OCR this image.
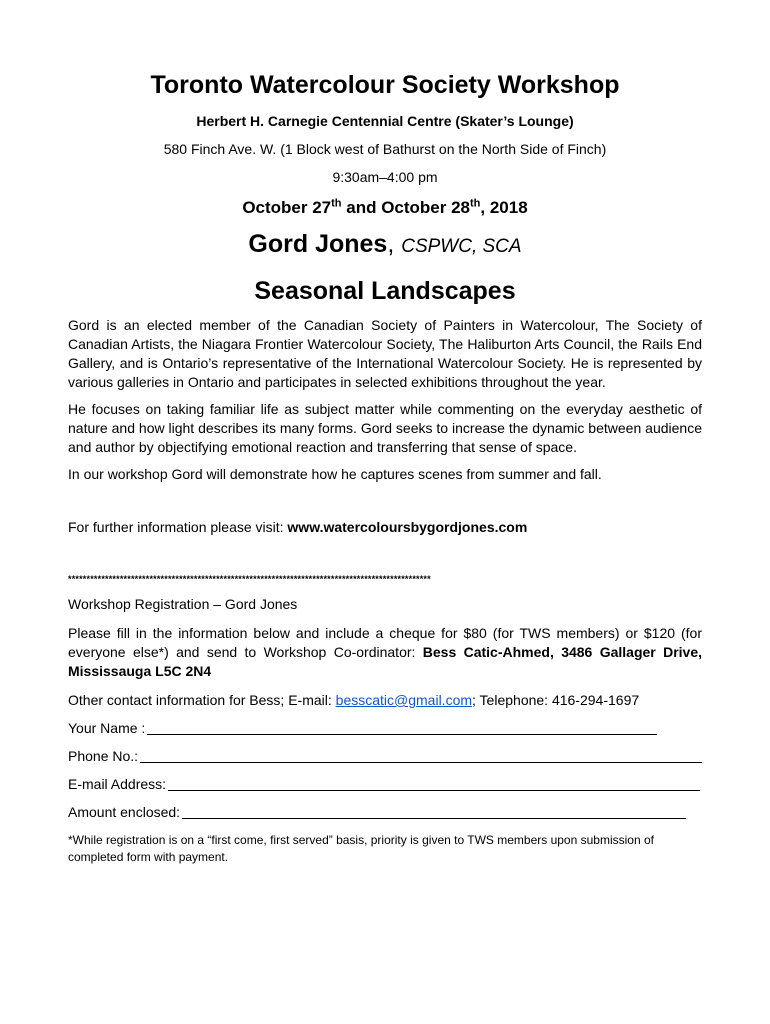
Toronto Watercolour Society Workshop
Herbert H. Carnegie Centennial Centre (Skater’s Lounge)
580 Finch Ave. W. (1 Block west of Bathurst on the North Side of Finch)
9:30am–4:00 pm
October 27th and October 28th, 2018
Gord Jones, CSPWC, SCA
Seasonal Landscapes

Gord is an elected member of the Canadian Society of Painters in Watercolour, The Society of Canadian Artists, the Niagara Frontier Watercolour Society, The Haliburton Arts Council, the Rails End Gallery, and is Ontario’s representative of the International Watercolour Society. He is represented by various galleries in Ontario and participates in selected exhibitions throughout the year.

He focuses on taking familiar life as subject matter while commenting on the everyday aesthetic of nature and how light describes its many forms. Gord seeks to increase the dynamic between audience and author by objectifying emotional reaction and transferring that sense of space.

In our workshop Gord will demonstrate how he captures scenes from summer and fall.

For further information please visit: www.watercoloursbygordjones.com
**************************************************************************************************
Workshop Registration – Gord Jones
Please fill in the information below and include a cheque for $80 (for TWS members) or $120 (for everyone else*) and send to Workshop Co-ordinator: Bess Catic-Ahmed, 3486 Gallager Drive, Mississauga L5C 2N4
Other contact information for Bess; E-mail: besscatic@gmail.com; Telephone: 416-294-1697
Your Name :
Phone No.:
E-mail Address:
Amount enclosed:
*While registration is on a “first come, first served” basis, priority is given to TWS members upon submission of completed form with payment.
